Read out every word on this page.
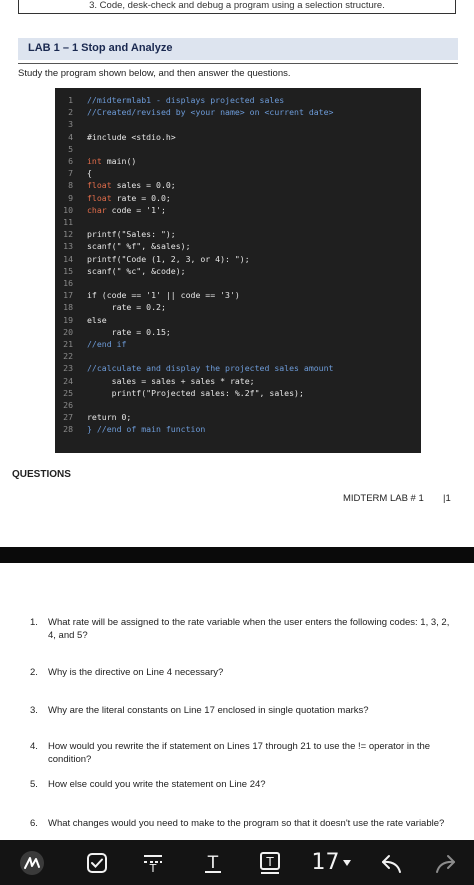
3. Code, desk-check and debug a program using a selection structure.
LAB 1 – 1 Stop and Analyze
Study the program shown below, and then answer the questions.
1 //midtermlab1 - displays projected sales
2 //Created/revised by <your name> on <current date>
3
4 #include <stdio.h>
5
6 int main()
7 {
8 float sales = 0.0;
9 float rate = 0.0;
10 char code = '1';
11
12 printf("Sales: ");
13 scanf(" %f", &sales);
14 printf("Code (1, 2, 3, or 4): ");
15 scanf(" %c", &code);
16
17 if (code == '1' || code == '3')
18 rate = 0.2;
19 else
20 rate = 0.15;
21 //end if
22
23 //calculate and display the projected sales amount
24 sales = sales + sales * rate;
25 printf("Projected sales: %.2f", sales);
26
27 return 0;
28 } //end of main function
QUESTIONS
MIDTERM LAB # 1 |1
1. What rate will be assigned to the rate variable when the user enters the following codes: 1, 3, 2, 4, and 5?
2. Why is the directive on Line 4 necessary?
3. Why are the literal constants on Line 17 enclosed in single quotation marks?
4. How would you rewrite the if statement on Lines 17 through 21 to use the != operator in the condition?
5. How else could you write the statement on Line 24?
6. What changes would you need to make to the program so that it doesn't use the rate variable?
T	T	T 17
